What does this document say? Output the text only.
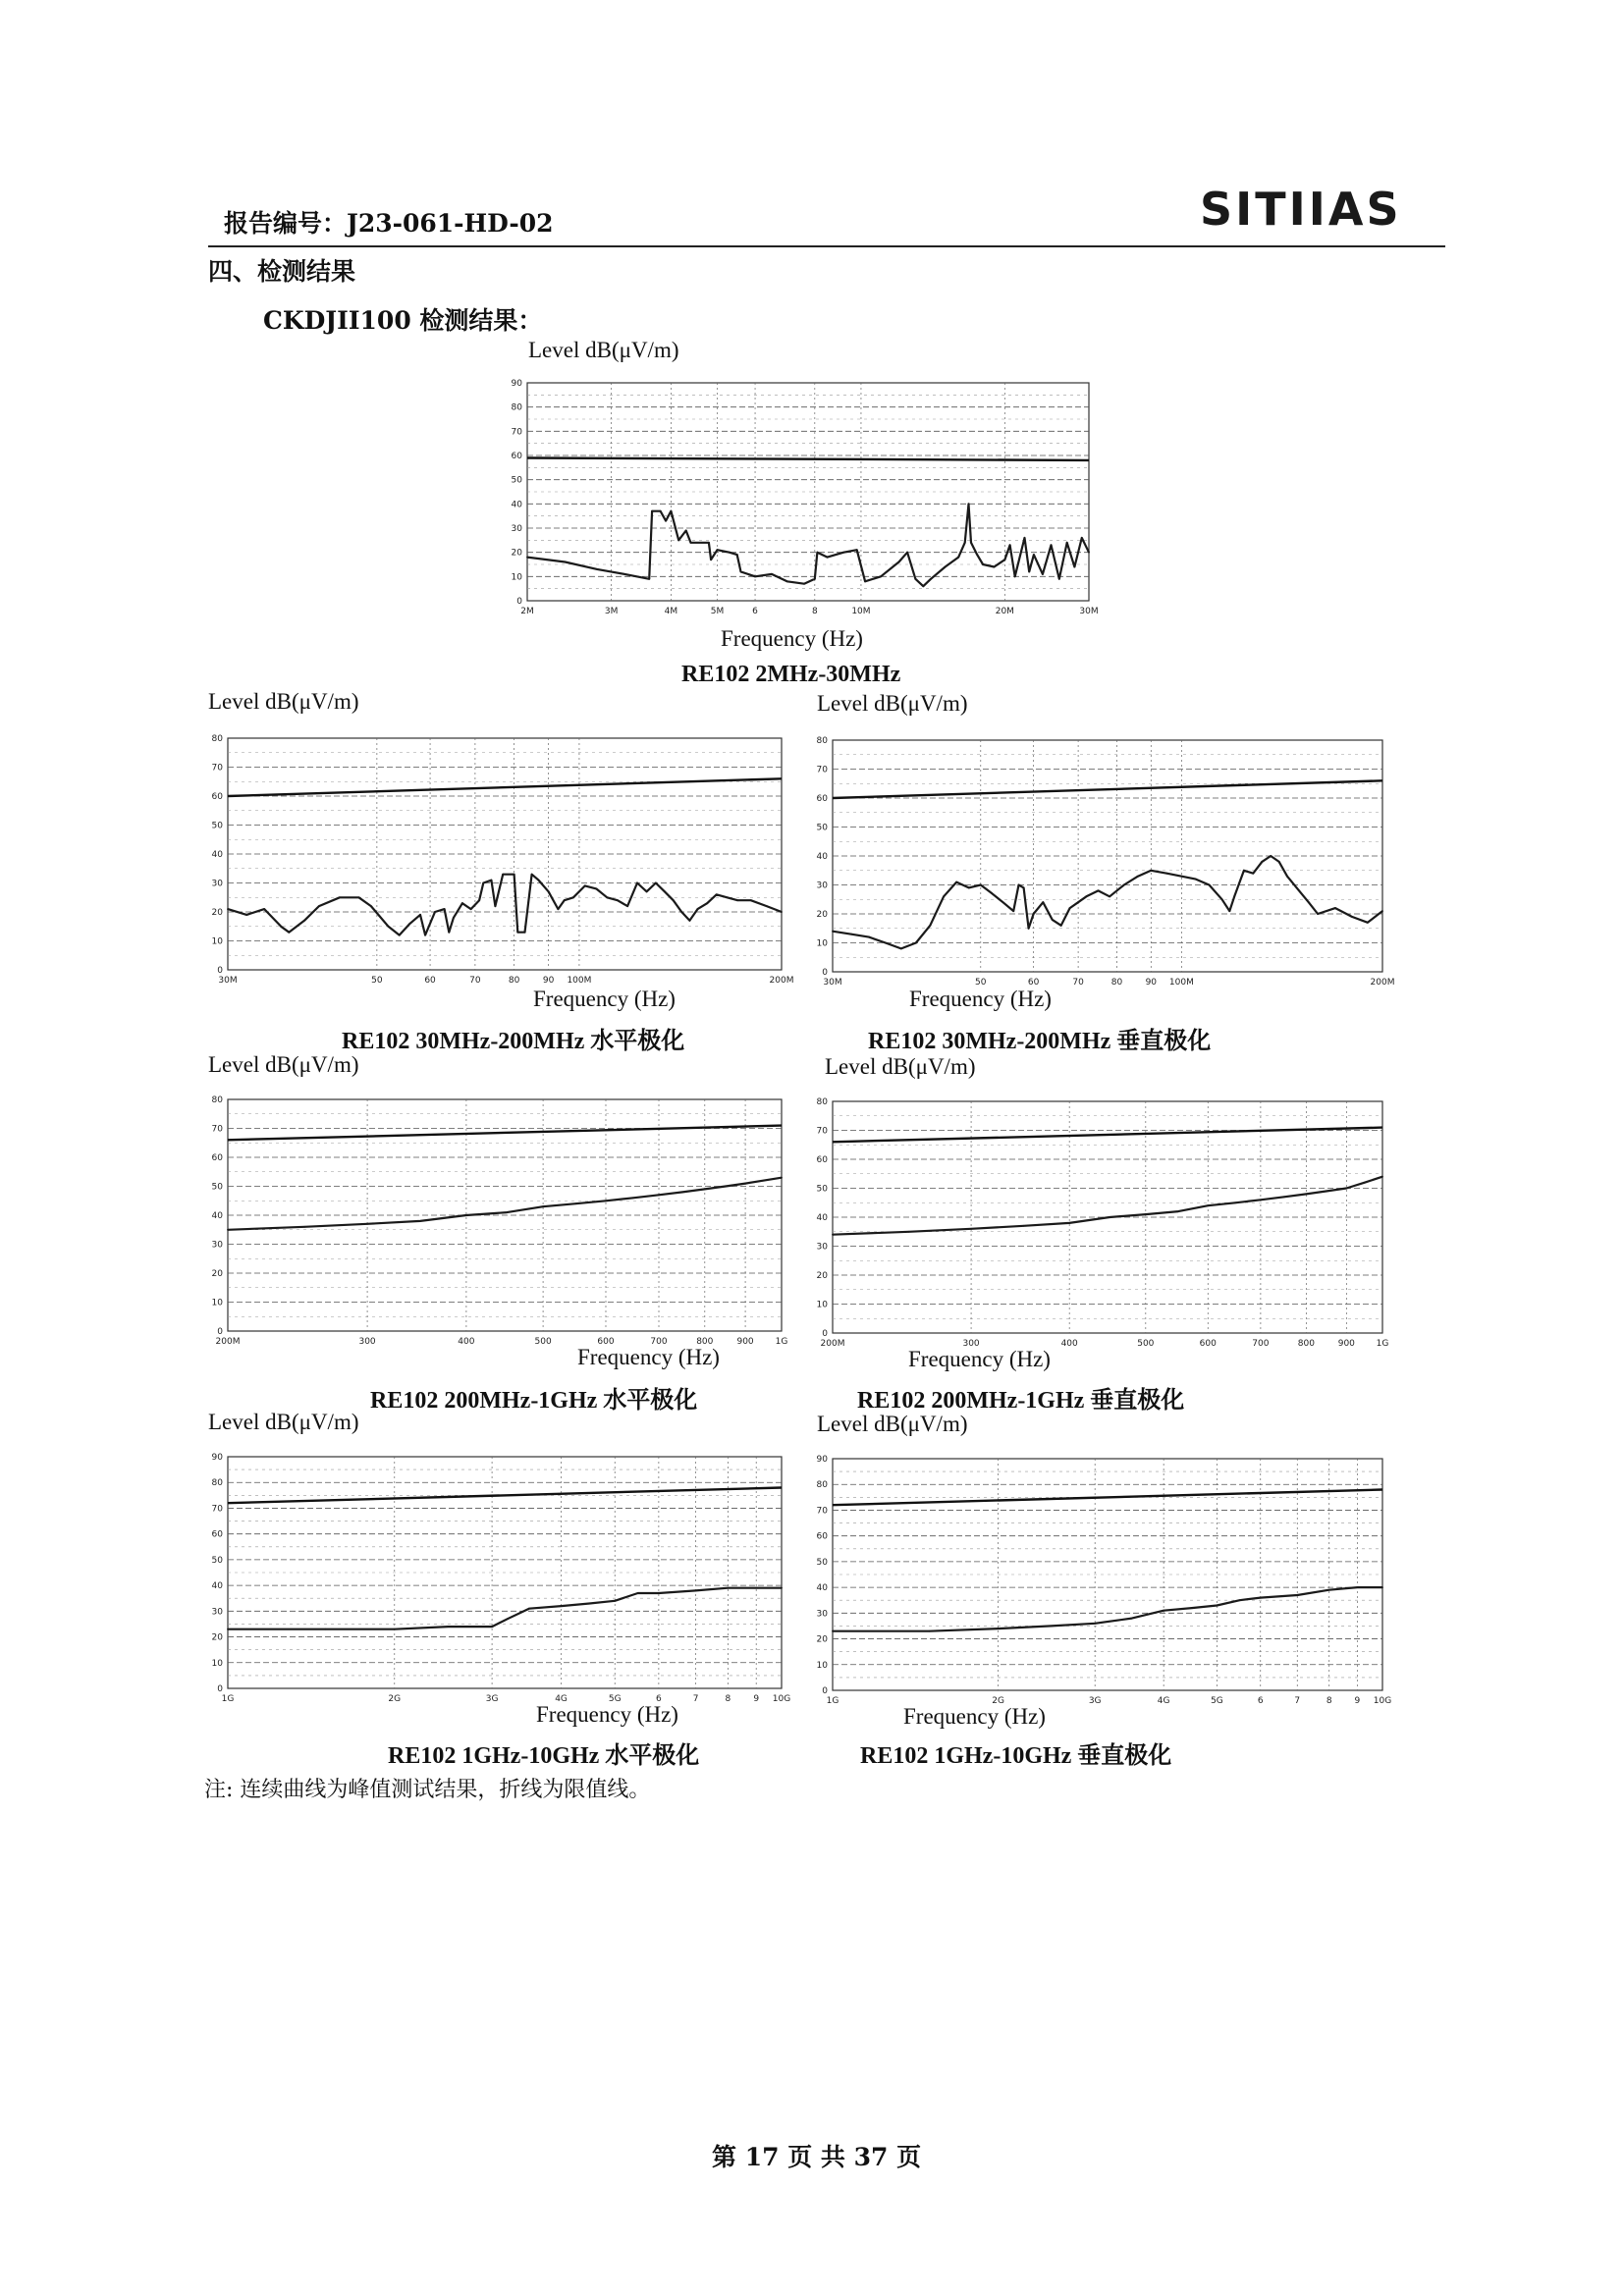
报告编号：J23-061-HD-02	SITIIAS
四、检测结果
CKDJII100 检测结果：
Level dB(μV/m)
0
10
20
30
40
50
60
70
80
90
2M	3M	4M	5M	6	8	10M	20M	30M
Frequency (Hz)
RE102 2MHz-30MHz
Level dB(μV/m)
0
10
20
30
40
50
60
70
80
30M	50	60	70	80	90 100M	200M
Frequency (Hz)
RE102 30MHz-200MHz 水平极化
Level dB(μV/m)
0
10
20
30
40
50
60
70
80
30M	50	60	70	80	90 100M	200M
Frequency (Hz)
RE102 30MHz-200MHz 垂直极化
Level dB(μV/m)
0
10
20
30
40
50
60
70
80
200M	300	400	500	600	700	800	900 1G
Frequency (Hz)
RE102 200MHz-1GHz 水平极化
Level dB(μV/m)
0
10
20
30
40
50
60
70
80
200M	300	400	500	600	700	800	900 1G
Frequency (Hz)
RE102 200MHz-1GHz 垂直极化
Level dB(μV/m)
0
10
20
30
40
50
60
70
80
90
1G	2G	3G	4G	5G	6	7	8	9 10G
Frequency (Hz)
RE102 1GHz-10GHz 水平极化
Level dB(μV/m)
0
10
20
30
40
50
60
70
80
90
1G	2G	3G	4G	5G	6	7	8	9 10G
Frequency (Hz)
RE102 1GHz-10GHz 垂直极化
注: 连续曲线为峰值测试结果，折线为限值线。
第 17 页 共 37 页
